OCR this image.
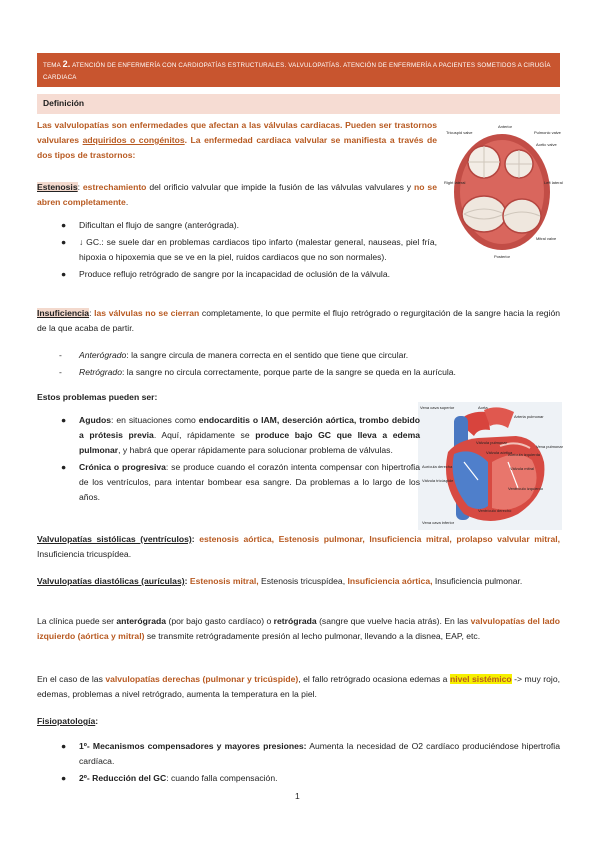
TEMA 2. ATENCIÓN DE ENFERMERÍA CON CARDIOPATÍAS ESTRUCTURALES. VALVULOPATÍAS. ATENCIÓN DE ENFERMERÍA A PACIENTES SOMETIDOS A CIRUGÍA CARDIACA
Definición
Anterior
Tricuspid valve	Pulmonic valve
Aortic valve
Mitral valve
Left lateral
Right lateral
Posterior

Las valvulopatías son enfermedades que afectan a las válvulas cardiacas. Pueden ser trastornos valvulares adquiridos o congénitos. La enfermedad cardiaca valvular se manifiesta a través de dos tipos de trastornos:

Estenosis: estrechamiento del orificio valvular que impide la fusión de las válvulas valvulares y no se abren completamente.

● Dificultan el flujo de sangre (anterógrada).
● ↓ GC.: se suele dar en problemas cardiacos tipo infarto (malestar general, nauseas, piel fría, hipoxia o hipoxemia que se ve en la piel, ruidos cardiacos que no son normales).
● Produce reflujo retrógrado de sangre por la incapacidad de oclusión de la válvula.

Insuficiencia: las válvulas no se cierran completamente, lo que permite el flujo retrógrado o regurgitación de la sangre hacia la región de la que acaba de partir.

- Anterógrado: la sangre circula de manera correcta en el sentido que tiene que circular.
- Retrógrado: la sangre no circula correctamente, porque parte de la sangre se queda en la aurícula.

Estos problemas pueden ser:

Vena cava superior	Aorta
Arteria pulmonar
Vena pulmonar
Aurícula izquierda
Válvula mitral
Aurícula derecha
Ventrículo izquierdo
Válvula tricúspide
Ventrículo derecho
Vena cava inferior
Válvula pulmonar
Válvula aórtica
● Agudos: en situaciones como endocarditis o IAM, deserción aórtica, trombo debido a prótesis previa. Aquí, rápidamente se produce bajo GC que lleva a edema pulmonar, y habrá que operar rápidamente para solucionar problema de válvulas.
● Crónica o progresiva: se produce cuando el corazón intenta compensar con hipertrofia de los ventrículos, para intentar bombear esa sangre. Da problemas a lo largo de los años.

Valvulopatías sistólicas (ventrículos): estenosis aórtica, Estenosis pulmonar, Insuficiencia mitral, prolapso valvular mitral, Insuficiencia tricuspídea.

Valvulopatías diastólicas (aurículas): Estenosis mitral, Estenosis tricuspídea, Insuficiencia aórtica, Insuficiencia pulmonar.

La clínica puede ser anterógrada (por bajo gasto cardíaco) o retrógrada (sangre que vuelve hacia atrás). En las valvulopatías del lado izquierdo (aórtica y mitral) se transmite retrógradamente presión al lecho pulmonar, llevando a la disnea, EAP, etc.

En el caso de las valvulopatías derechas (pulmonar y tricúspide), el fallo retrógrado ocasiona edemas a nivel sistémico -> muy rojo, edemas, problemas a nivel retrógrado, aumenta la temperatura en la piel.

Fisiopatología:

● 1º- Mecanismos compensadores y mayores presiones: Aumenta la necesidad de O2 cardíaco produciéndose hipertrofia cardíaca.
● 2º- Reducción del GC: cuando falla compensación.
1
